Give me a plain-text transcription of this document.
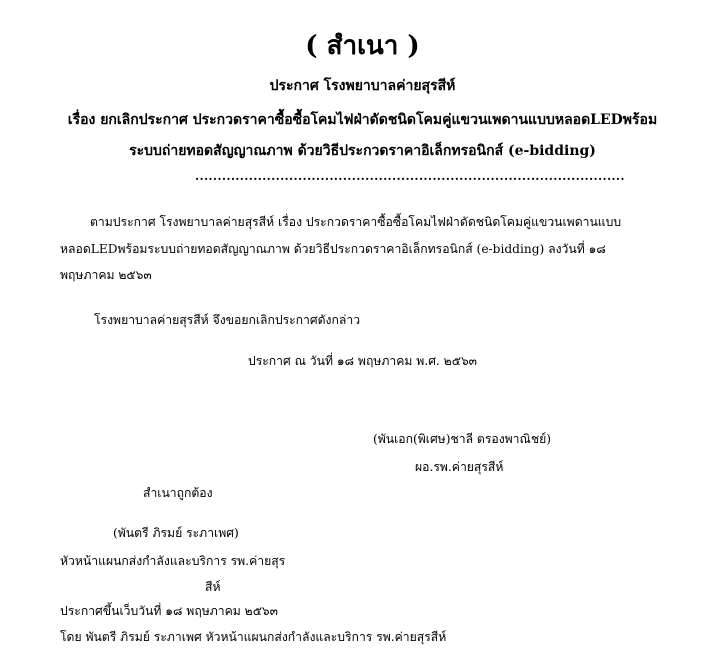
( สำเนา )
ประกาศ โรงพยาบาลค่ายสุรสีห์
เรื่อง ยกเลิกประกาศ ประกวดราคาซื้อซื้อโคมไฟฝ่าดัดชนิดโคมคู่แขวนเพดานแบบหลอดLEDพร้อม
ระบบถ่ายทอดสัญญาณภาพ ด้วยวิธีประกวดราคาอิเล็กทรอนิกส์ (e-bidding)
................................................................................................
ตามประกาศ โรงพยาบาลค่ายสุรสีห์ เรื่อง ประกวดราคาซื้อซื้อโคมไฟฝ่าดัดชนิดโคมคู่แขวนเพดานแบบ
หลอดLEDพร้อมระบบถ่ายทอดสัญญาณภาพ ด้วยวิธีประกวดราคาอิเล็กทรอนิกส์ (e-bidding) ลงวันที่ ๑๘
พฤษภาคม ๒๕๖๓
โรงพยาบาลค่ายสุรสีห์ จึงขอยกเลิกประกาศดังกล่าว
ประกาศ ณ วันที่ ๑๘ พฤษภาคม พ.ศ. ๒๕๖๓
(พันเอก(พิเศษ)ชาลี ตรองพาณิชย์)
ผอ.รพ.ค่ายสุรสีห์
สำเนาถูกต้อง
(พันตรี ภิรมย์ ระภาเพศ)
หัวหน้าแผนกส่งกำลังและบริการ รพ.ค่ายสุร
สีห์
ประกาศขึ้นเว็บวันที่ ๑๘ พฤษภาคม ๒๕๖๓
โดย พันตรี ภิรมย์ ระภาเพศ หัวหน้าแผนกส่งกำลังและบริการ รพ.ค่ายสุรสีห์
